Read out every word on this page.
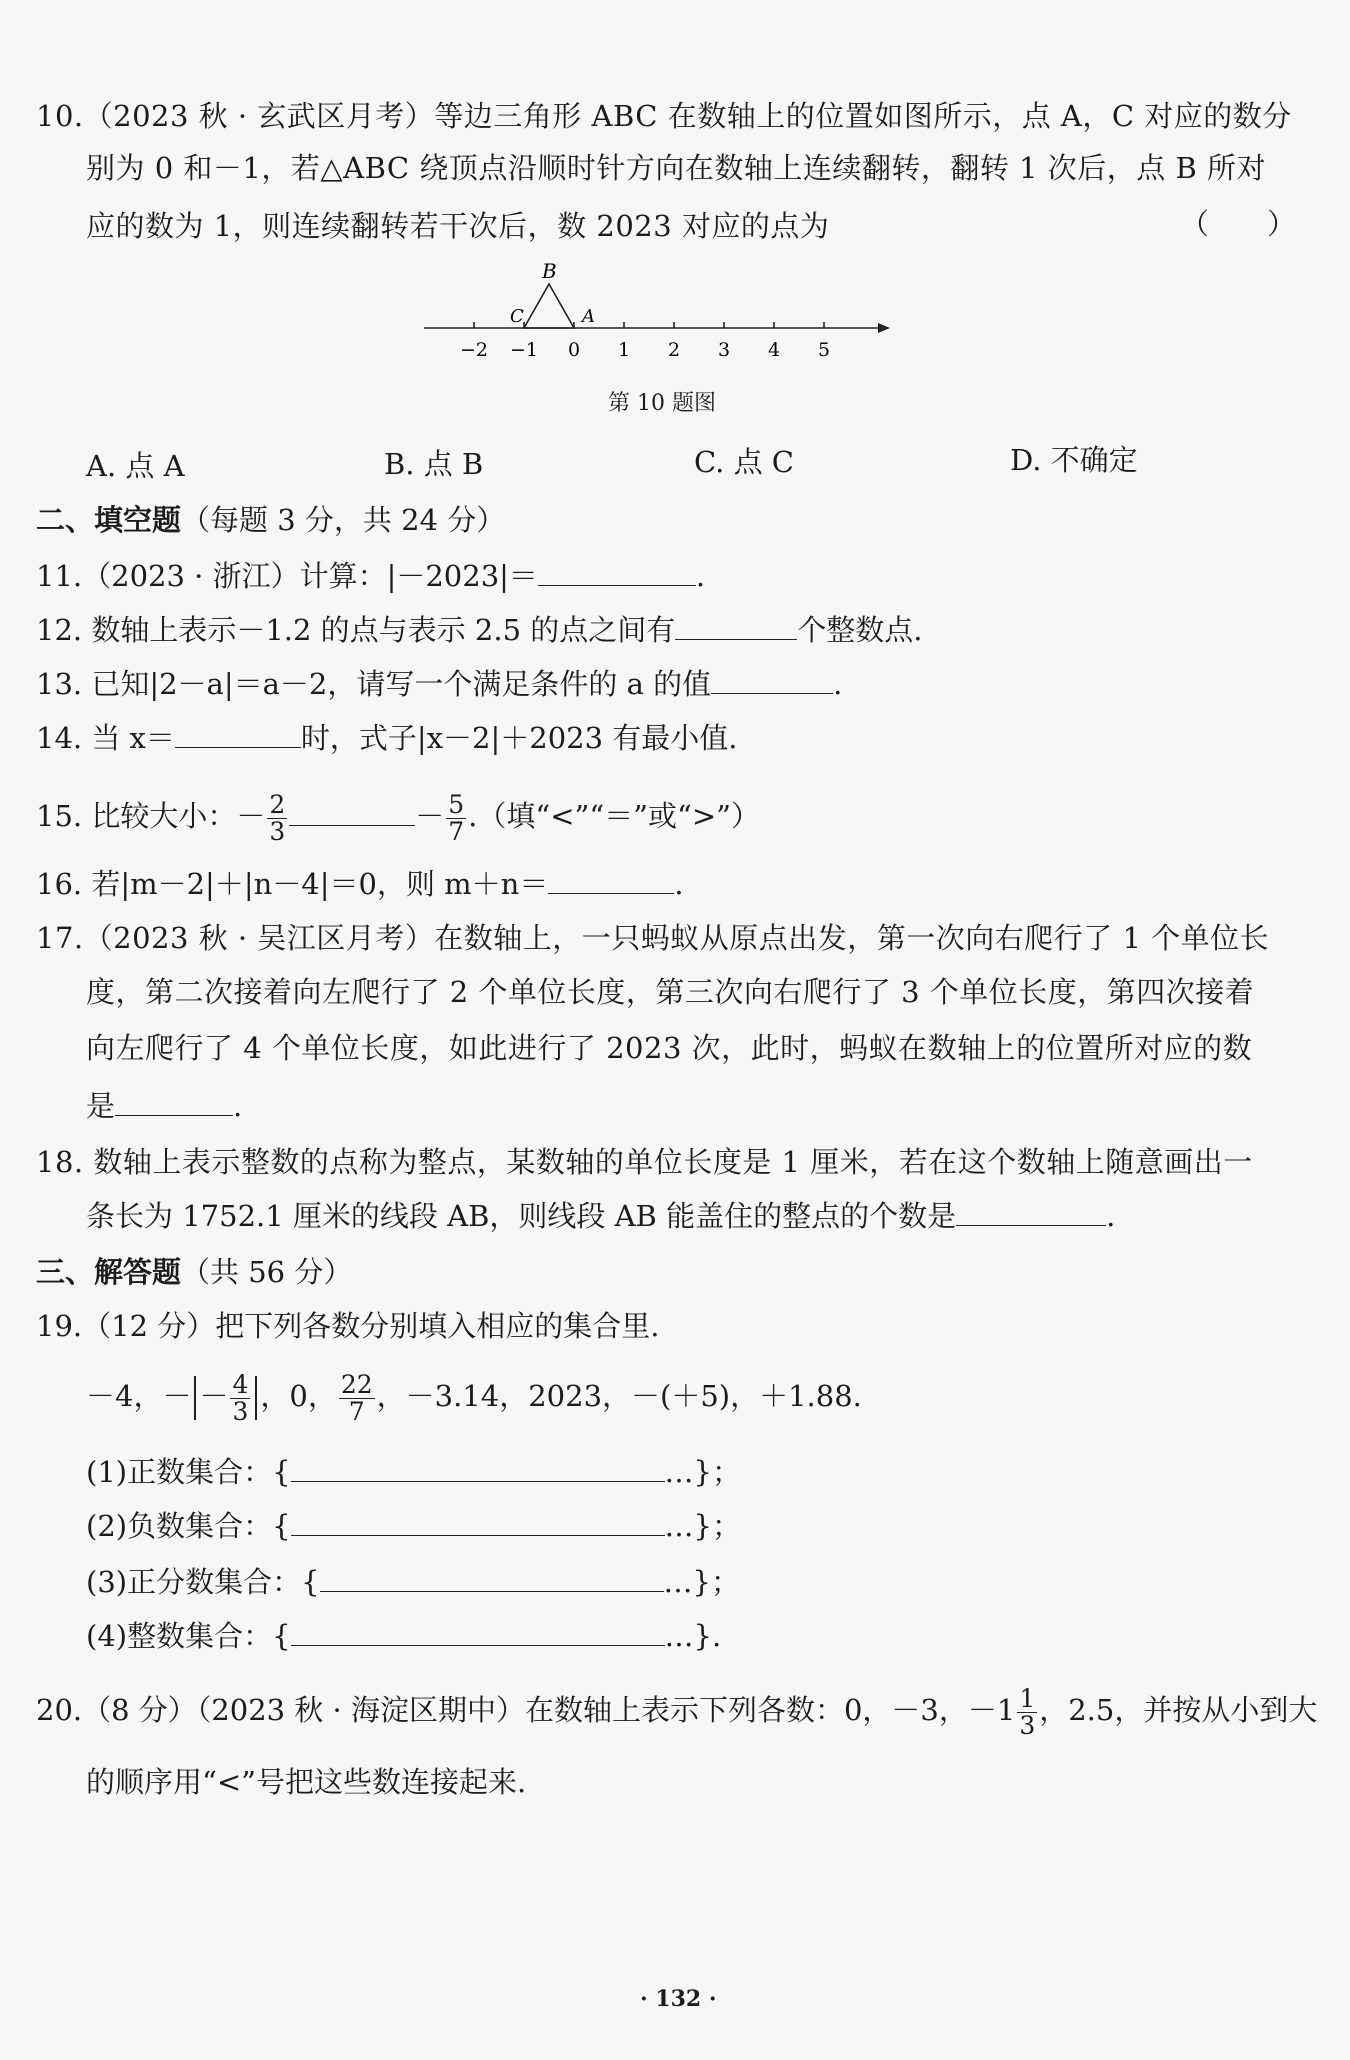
10.（2023 秋 · 玄武区月考）等边三角形 ABC 在数轴上的位置如图所示，点 A，C 对应的数分
别为 0 和－1，若△ABC 绕顶点沿顺时针方向在数轴上连续翻转，翻转 1 次后，点 B 所对
应的数为 1，则连续翻转若干次后，数 2023 对应的点为	（　　）
−2 −1 0 1 2 3 4 5
B
C	A
第 10 题图
A. 点 A	B. 点 B	C. 点 C	D. 不确定
二、填空题（每题 3 分，共 24 分）
11.（2023 · 浙江）计算：|－2023|＝	.
12. 数轴上表示－1.2 的点与表示 2.5 的点之间有	个整数点.
13. 已知|2－a|＝a－2，请写一个满足条件的 a 的值	.
14. 当 x＝	时，式子|x－2|＋2023 有最小值.
15. 比较大小：－ $\frac{2}{3}$	－ $\frac{5}{7}$ .（填“<”“＝”或“>”）
16. 若|m－2|＋|n－4|＝0，则 m＋n＝	.
17.（2023 秋 · 吴江区月考）在数轴上，一只蚂蚁从原点出发，第一次向右爬行了 1 个单位长
度，第二次接着向左爬行了 2 个单位长度，第三次向右爬行了 3 个单位长度，第四次接着
向左爬行了 4 个单位长度，如此进行了 2023 次，此时，蚂蚁在数轴上的位置所对应的数
是	.
18. 数轴上表示整数的点称为整点，某数轴的单位长度是 1 厘米，若在这个数轴上随意画出一
条长为 1752.1 厘米的线段 AB，则线段 AB 能盖住的整点的个数是	.
三、解答题（共 56 分）
19.（12 分）把下列各数分别填入相应的集合里.
－4，－ － $\frac{4}{3}$ ，0， $\frac{22}{7}$ ，－3.14，2023，－(＋5)，＋1.88.
(1)正数集合：{	…}；
(2)负数集合：{	…}；
(3)正分数集合：{	…}；
(4)整数集合：{	…}.
20.（8 分）（2023 秋 · 海淀区期中）在数轴上表示下列各数：0，－3，$-1 \frac{1}{3}$ ，2.5，并按从小到大
的顺序用“<”号把这些数连接起来.
· 132 ·
